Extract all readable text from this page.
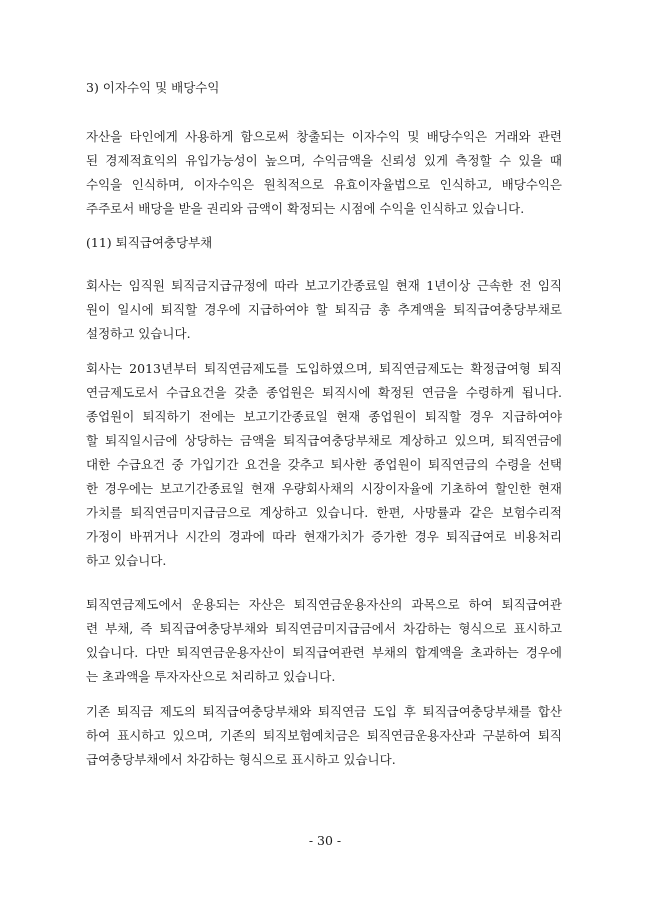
3) 이자수익 및 배당수익
자산을 타인에게 사용하게 함으로써 창출되는 이자수익 및 배당수익은 거래와 관련
된 경제적효익의 유입가능성이 높으며, 수익금액을 신뢰성 있게 측정할 수 있을 때
수익을 인식하며, 이자수익은 원칙적으로 유효이자율법으로 인식하고, 배당수익은
주주로서 배당을 받을 권리와 금액이 확정되는 시점에 수익을 인식하고 있습니다.
(11) 퇴직급여충당부채
회사는 임직원 퇴직금지급규정에 따라 보고기간종료일 현재 1년이상 근속한 전 임직
원이 일시에 퇴직할 경우에 지급하여야 할 퇴직금 총 추계액을 퇴직급여충당부채로
설정하고 있습니다.
회사는 2013년부터 퇴직연금제도를 도입하였으며, 퇴직연금제도는 확정급여형 퇴직
연금제도로서 수급요건을 갖춘 종업원은 퇴직시에 확정된 연금을 수령하게 됩니다.
종업원이 퇴직하기 전에는 보고기간종료일 현재 종업원이 퇴직할 경우 지급하여야
할 퇴직일시금에 상당하는 금액을 퇴직급여충당부채로 계상하고 있으며, 퇴직연금에
대한 수급요건 중 가입기간 요건을 갖추고 퇴사한 종업원이 퇴직연금의 수령을 선택
한 경우에는 보고기간종료일 현재 우량회사채의 시장이자율에 기초하여 할인한 현재
가치를 퇴직연금미지급금으로 계상하고 있습니다. 한편, 사망률과 같은 보험수리적
가정이 바뀌거나 시간의 경과에 따라 현재가치가 증가한 경우 퇴직급여로 비용처리
하고 있습니다.
퇴직연금제도에서 운용되는 자산은 퇴직연금운용자산의 과목으로 하여 퇴직급여관
련 부채, 즉 퇴직급여충당부채와 퇴직연금미지급금에서 차감하는 형식으로 표시하고
있습니다. 다만 퇴직연금운용자산이 퇴직급여관련 부채의 합계액을 초과하는 경우에
는 초과액을 투자자산으로 처리하고 있습니다.
기존 퇴직금 제도의 퇴직급여충당부채와 퇴직연금 도입 후 퇴직급여충당부채를 합산
하여 표시하고 있으며, 기존의 퇴직보험예치금은 퇴직연금운용자산과 구분하여 퇴직
급여충당부채에서 차감하는 형식으로 표시하고 있습니다.
- 30 -
